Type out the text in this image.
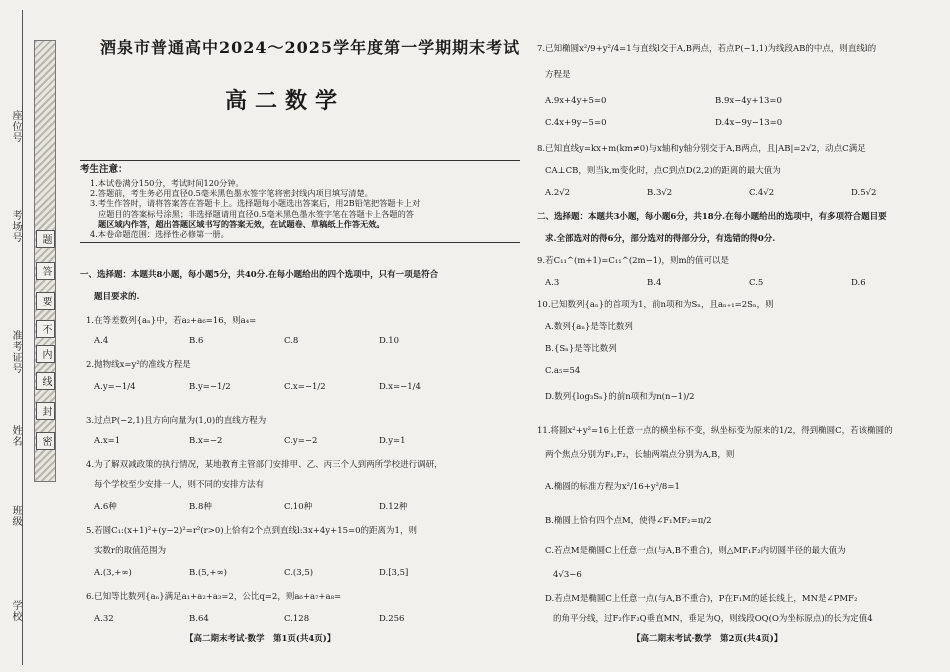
座位号
考场号
准考证号
姓名
班级
学校
题
答
要
不
内
线
封
密
酒泉市普通高中2024～2025学年度第一学期期末考试
高二数学
考生注意：
1.本试卷满分150分，考试时间120分钟。
2.答题前，考生务必用直径0.5毫米黑色墨水签字笔将密封线内项目填写清楚。
3.考生作答时，请将答案答在答题卡上。选择题每小题选出答案后，用2B铅笔把答题卡上对
应题目的答案标号涂黑；非选择题请用直径0.5毫米黑色墨水签字笔在答题卡上各题的答
题区域内作答，超出答题区域书写的答案无效，在试题卷、草稿纸上作答无效。
4.本卷命题范围：选择性必修第一册。
一、选择题：本题共8小题，每小题5分，共40分.在每小题给出的四个选项中，只有一项是符合
题目要求的.
1.在等差数列{aₙ}中，若a₂+a₆=16，则a₄=
A.4	B.6	C.8	D.10
2.抛物线x=y²的准线方程是
A.y=−1/4	B.y=−1/2	C.x=−1/2	D.x=−1/4
3.过点P(−2,1)且方向向量为(1,0)的直线方程为
A.x=1	B.x=−2	C.y=−2	D.y=1
4.为了解双减政策的执行情况，某地教育主管部门安排甲、乙、丙三个人到两所学校进行调研，
每个学校至少安排一人，则不同的安排方法有
A.6种	B.8种	C.10种	D.12种
5.若圆C₁:(x+1)²+(y−2)²=r²(r>0)上恰有2个点到直线l:3x+4y+15=0的距离为1，则
实数r的取值范围为
A.(3,+∞)	B.(5,+∞)	C.(3,5)	D.[3,5]
6.已知等比数列{aₙ}满足a₁+a₂+a₃=2，公比q=2，则a₆+a₇+a₈=
A.32	B.64	C.128	D.256
【高二期末考试·数学　第1页(共4页)】
7.已知椭圆x²/9+y²/4=1与直线l交于A,B两点，若点P(−1,1)为线段AB的中点，则直线l的
方程是
A.9x+4y+5=0	B.9x−4y+13=0
C.4x+9y−5=0	D.4x−9y−13=0
8.已知直线y=kx+m(km≠0)与x轴和y轴分别交于A,B两点，且|AB|=2√2，动点C满足
CA⊥CB，则当k,m变化时，点C到点D(2,2)的距离的最大值为
A.2√2	B.3√2	C.4√2	D.5√2
二、选择题：本题共3小题，每小题6分，共18分.在每小题给出的选项中，有多项符合题目要
求.全部选对的得6分，部分选对的得部分分，有选错的得0分.
9.若C₁₁^(m+1)=C₁₁^(2m−1)，则m的值可以是
A.3	B.4	C.5	D.6
10.已知数列{aₙ}的首项为1，前n项和为Sₙ，且aₙ₊₁=2Sₙ，则
A.数列{aₙ}是等比数列
B.{Sₙ}是等比数列
C.a₅=54
D.数列{log₃Sₙ}的前n项和为n(n−1)/2
11.将圆x²+y²=16上任意一点的横坐标不变，纵坐标变为原来的1/2，得到椭圆C，若该椭圆的
两个焦点分别为F₁,F₂，长轴两端点分别为A,B，则
A.椭圆的标准方程为x²/16+y²/8=1
B.椭圆上恰有四个点M，使得∠F₁MF₂=π/2
C.若点M是椭圆C上任意一点(与A,B不重合)，则△MF₁F₂内切圆半径的最大值为
4√3−6
D.若点M是椭圆C上任意一点(与A,B不重合)，P在F₁M的延长线上，MN是∠PMF₂
的角平分线，过F₂作F₂Q垂直MN，垂足为Q，则线段OQ(O为坐标原点)的长为定值4
【高二期末考试·数学　第2页(共4页)】
